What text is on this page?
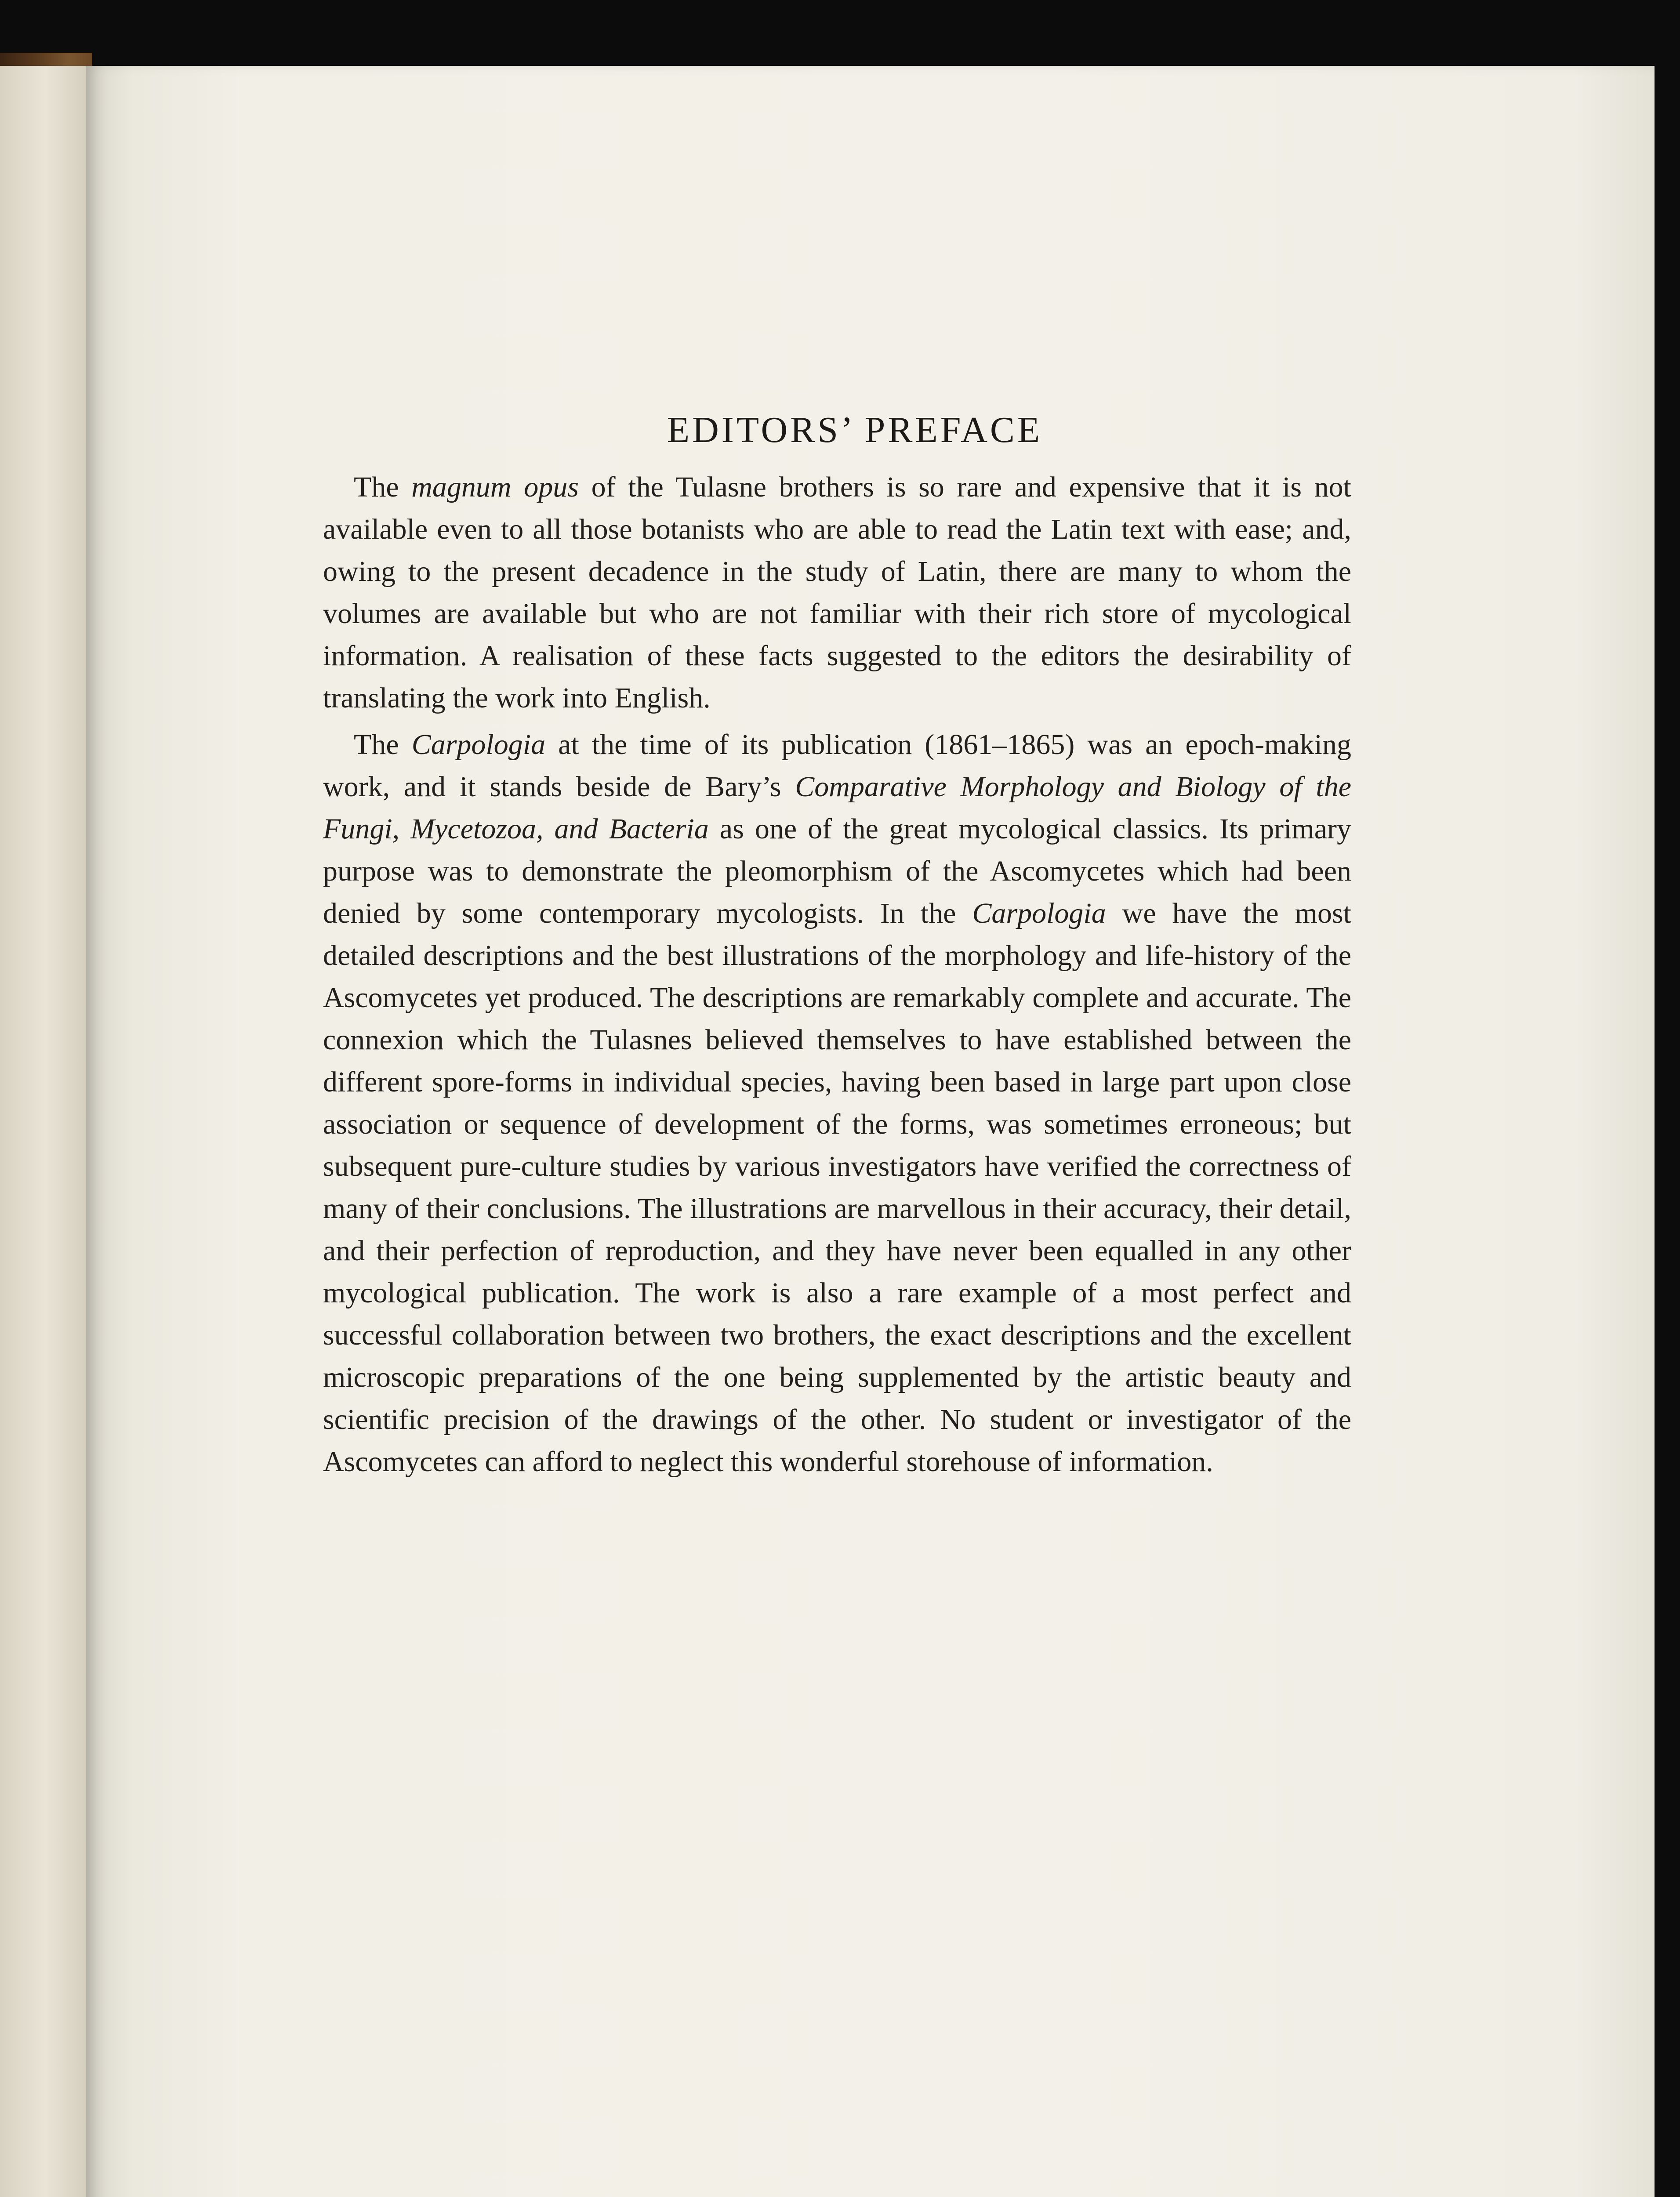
EDITORS’ PREFACE

The magnum opus of the Tulasne brothers is so rare and expensive that it is not available even to all those botanists who are able to read the Latin text with ease; and, owing to the present decadence in the study of Latin, there are many to whom the volumes are available but who are not familiar with their rich store of mycological information. A realisation of these facts suggested to the editors the desirability of translating the work into English.

The Carpologia at the time of its publication (1861–1865) was an epoch-making work, and it stands beside de Bary’s Comparative Morphology and Biology of the Fungi, Mycetozoa, and Bacteria as one of the great mycological classics. Its primary purpose was to demonstrate the pleomorphism of the Ascomycetes which had been denied by some contemporary mycologists. In the Carpologia we have the most detailed descriptions and the best illustrations of the morphology and life-history of the Ascomycetes yet produced. The descriptions are remarkably complete and accurate. The connexion which the Tulasnes believed themselves to have established between the different spore-forms in individual species, having been based in large part upon close association or sequence of development of the forms, was sometimes erroneous; but subsequent pure-culture studies by various investigators have verified the correctness of many of their conclusions. The illustrations are marvellous in their accuracy, their detail, and their perfection of reproduction, and they have never been equalled in any other mycological publication. The work is also a rare example of a most perfect and successful collaboration between two brothers, the exact descriptions and the excellent microscopic preparations of the one being supplemented by the artistic beauty and scientific precision of the drawings of the other. No student or investigator of the Ascomycetes can afford to neglect this wonderful storehouse of information.
